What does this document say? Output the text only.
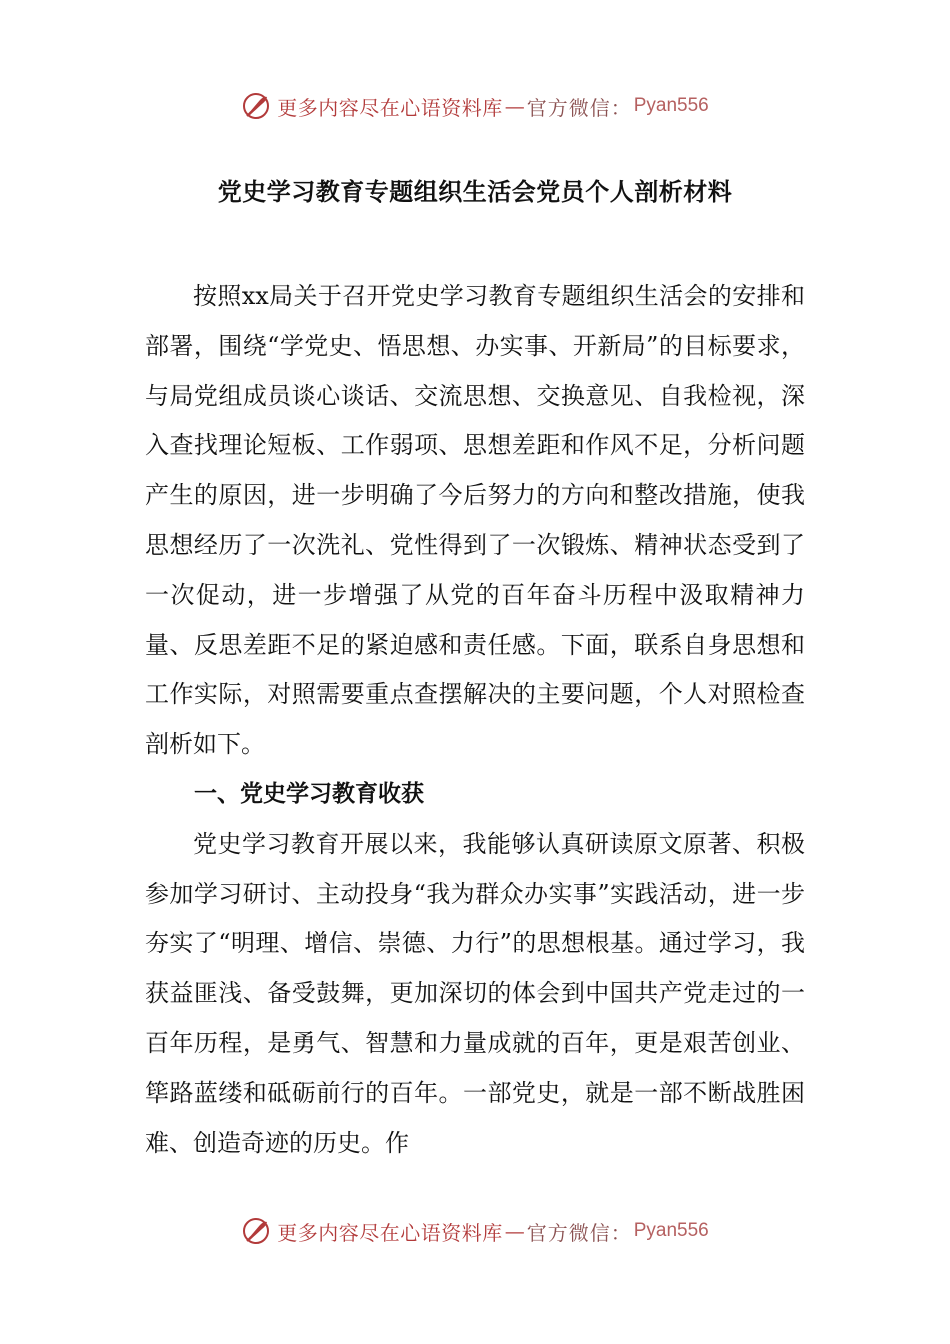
更多内容尽在心语资料库 — 官方微信： Pyan556
党史学习教育专题组织生活会党员个人剖析材料

按照xx局关于召开党史学习教育专题组织生活会的安排和部署，围绕“学党史、悟思想、办实事、开新局”的目标要求，与局党组成员谈心谈话、交流思想、交换意见、自我检视，深入查找理论短板、工作弱项、思想差距和作风不足，分析问题产生的原因，进一步明确了今后努力的方向和整改措施，使我思想经历了一次洗礼、党性得到了一次锻炼、精神状态受到了一次促动，进一步增强了从党的百年奋斗历程中汲取精神力量、反思差距不足的紧迫感和责任感。下面，联系自身思想和工作实际，对照需要重点查摆解决的主要问题，个人对照检查剖析如下。

一、党史学习教育收获

党史学习教育开展以来，我能够认真研读原文原著、积极参加学习研讨、主动投身“我为群众办实事”实践活动，进一步夯实了“明理、增信、崇德、力行”的思想根基。通过学习，我获益匪浅、备受鼓舞，更加深切的体会到中国共产党走过的一百年历程，是勇气、智慧和力量成就的百年，更是艰苦创业、筚路蓝缕和砥砺前行的百年。一部党史，就是一部不断战胜困难、创造奇迹的历史。作

更多内容尽在心语资料库 — 官方微信： Pyan556
